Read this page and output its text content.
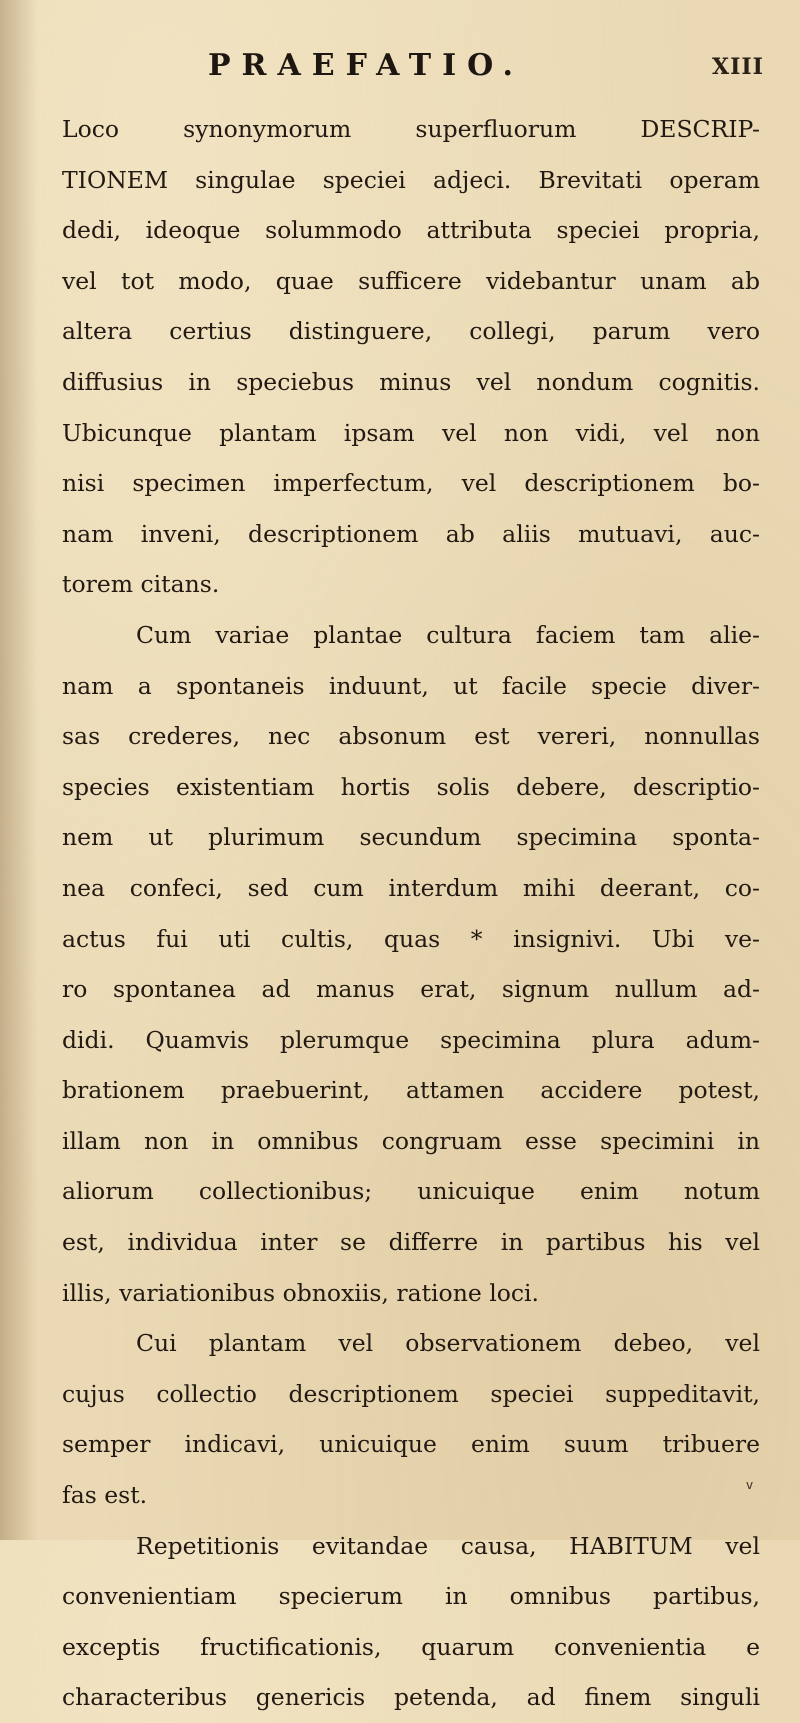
PRAEFATIO.	XIII
Loco synonymorum superfluorum DESCRIP-
TIONEM singulae speciei adjeci. Brevitati operam
dedi, ideoque solummodo attributa speciei propria,
vel tot modo, quae sufficere videbantur unam ab
altera certius distinguere, collegi, parum vero
diffusius in speciebus minus vel nondum cognitis.
Ubicunque plantam ipsam vel non vidi, vel non
nisi specimen imperfectum, vel descriptionem bo-
nam inveni, descriptionem ab aliis mutuavi, auc-
torem citans.
Cum variae plantae cultura faciem tam alie-
nam a spontaneis induunt, ut facile specie diver-
sas crederes, nec absonum est vereri, nonnullas
species existentiam hortis solis debere, descriptio-
nem ut plurimum secundum specimina sponta-
nea confeci, sed cum interdum mihi deerant, co-
actus fui uti cultis, quas * insignivi. Ubi ve-
ro spontanea ad manus erat, signum nullum ad-
didi. Quamvis plerumque specimina plura adum-
brationem praebuerint, attamen accidere potest,
illam non in omnibus congruam esse specimini in
aliorum collectionibus; unicuique enim notum
est, individua inter se differre in partibus his vel
illis, variationibus obnoxiis, ratione loci.
Cui plantam vel observationem debeo, vel
cujus collectio descriptionem speciei suppeditavit,
semper indicavi, unicuique enim suum tribuere
fas est.
Repetitionis evitandae causa, HABITUM vel
convenientiam specierum in omnibus partibus,
exceptis fructificationis, quarum convenientia e
characteribus genericis petenda, ad finem singuli
v
